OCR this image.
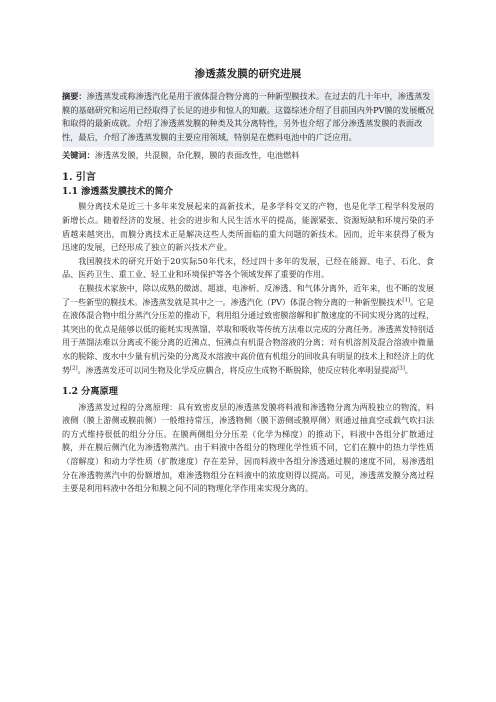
渗透蒸发膜的研究进展

摘要：渗透蒸发或称渗透汽化是用于液体混合物分离的一种新型膜技术。在过去的几十年中，渗透蒸发膜的基础研究和运用已经取得了长足的进步和惊人的知蔽。这篇综述介绍了目前国内外PV膜的发展概况和取得的最新成就。介绍了渗透蒸发膜的种类及其分离特性，另外也介绍了部分渗透蒸发膜的表面改性，最后，介绍了渗透蒸发膜的主要应用领域，特别是在燃料电池中的广泛应用。

关键词：渗透蒸发膜，共混膜，杂化膜，膜的表面改性，电池燃料

1. 引言
1.1 渗透蒸发膜技术的简介

膜分离技术是近三十多年来发展起来的高新技术，是多学科交叉的产物，也是化学工程学科发展的新增长点。随着经济的发展、社会的进步和人民生活水平的提高，能源紧张、资源短缺和环境污染的矛盾越来越突出，而膜分离技术正是解决这些人类所面临的重大问题的新技术。因而，近年来获得了极为迅速的发展，已经形成了独立的新兴技术产业。

我国膜技术的研究开始于20实际50年代末，经过四十多年的发展，已经在能源、电子、石化、食品、医药卫生、重工业、轻工业和环境保护等各个领域发挥了重要的作用。

在膜技术家族中，除以成熟的微滤、超滤、电渗析、反渗透、和气体分离外，近年来，也不断的发展了一些新型的膜技术。渗透蒸发就是其中之一。渗透汽化（PV）体混合物分离的一种新型膜技术[1]。它是在液体混合物中组分蒸汽分压差的推动下，利用组分通过致密膜溶解和扩散速度的不同实现分离的过程，其突出的优点是能够以低的能耗实现蒸馏、萃取和吸收等传统方法难以完成的分离任务。渗透蒸发特别适用于蒸馏法难以分离或不能分离的近沸点、恒沸点有机混合物溶液的分离；对有机溶剂及混合溶液中微量水的脱除、废水中少量有机污染的分离及水溶液中高价值有机组分的回收具有明显的技术上和经济上的优势[2]。渗透蒸发还可以同生物及化学反应耦合，将反应生成物不断脱除，使反应转化率明显提高[3]。

1.2 分离原理

渗透蒸发过程的分离原理：具有致密皮层的渗透蒸发膜将料液和渗透物分离为两股独立的物流，料液侧（膜上游侧或膜前侧）一般维持常压，渗透物侧（膜下游侧或膜厚侧）则通过抽真空或载气吹扫法的方式维持很低的组分分压。在膜两侧组分分压差（化学为梯度）的推动下，料液中各组分扩散通过膜，并在膜后侧汽化为渗透物蒸汽。由于料液中各组分的物理化学性质不同，它们在膜中的热力学性质（溶解度）和动力学性质（扩散速度）存在差异，因而料液中各组分渗透通过膜的速度不同，易渗透组分在渗透物蒸汽中的份额增加，难渗透物组分在料液中的浓度则得以提高。可见，渗透蒸发膜分离过程主要是利用料液中各组分和膜之间不同的物理化学作用来实现分离的。
